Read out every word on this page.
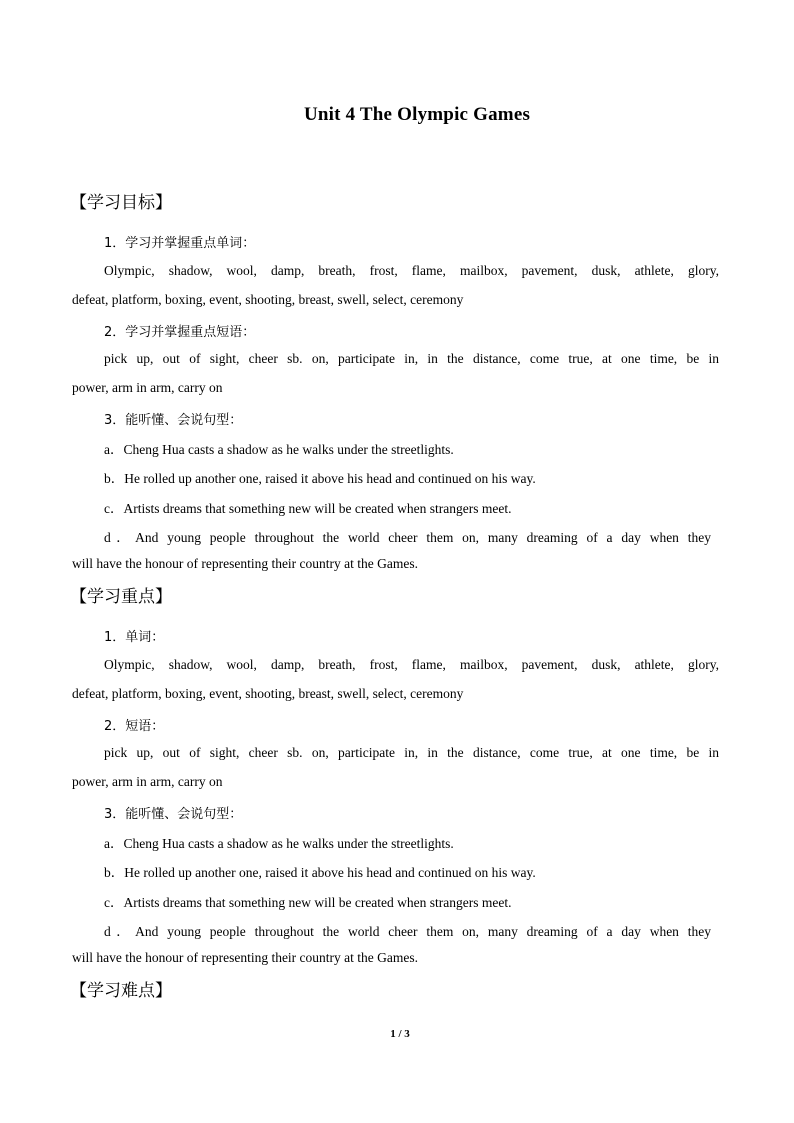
Unit 4 The Olympic Games
【学习目标】
1．学习并掌握重点单词：
Olympic, shadow, wool, damp, breath, frost, flame, mailbox, pavement, dusk, athlete, glory,
defeat, platform, boxing, event, shooting, breast, swell, select, ceremony
2．学习并掌握重点短语：
pick up, out of sight, cheer sb. on, participate in, in the distance, come true, at one time, be in
power, arm in arm, carry on
3．能听懂、会说句型：
a．Cheng Hua casts a shadow as he walks under the streetlights.
b．He rolled up another one, raised it above his head and continued on his way.
c．Artists dreams that something new will be created when strangers meet.
d．And young people throughout the world cheer them on, many dreaming of a day when they
will have the honour of representing their country at the Games.
【学习重点】
1．单词：
Olympic, shadow, wool, damp, breath, frost, flame, mailbox, pavement, dusk, athlete, glory,
defeat, platform, boxing, event, shooting, breast, swell, select, ceremony
2．短语：
pick up, out of sight, cheer sb. on, participate in, in the distance, come true, at one time, be in
power, arm in arm, carry on
3．能听懂、会说句型：
a．Cheng Hua casts a shadow as he walks under the streetlights.
b．He rolled up another one, raised it above his head and continued on his way.
c．Artists dreams that something new will be created when strangers meet.
d．And young people throughout the world cheer them on, many dreaming of a day when they
will have the honour of representing their country at the Games.
【学习难点】
1 / 3
